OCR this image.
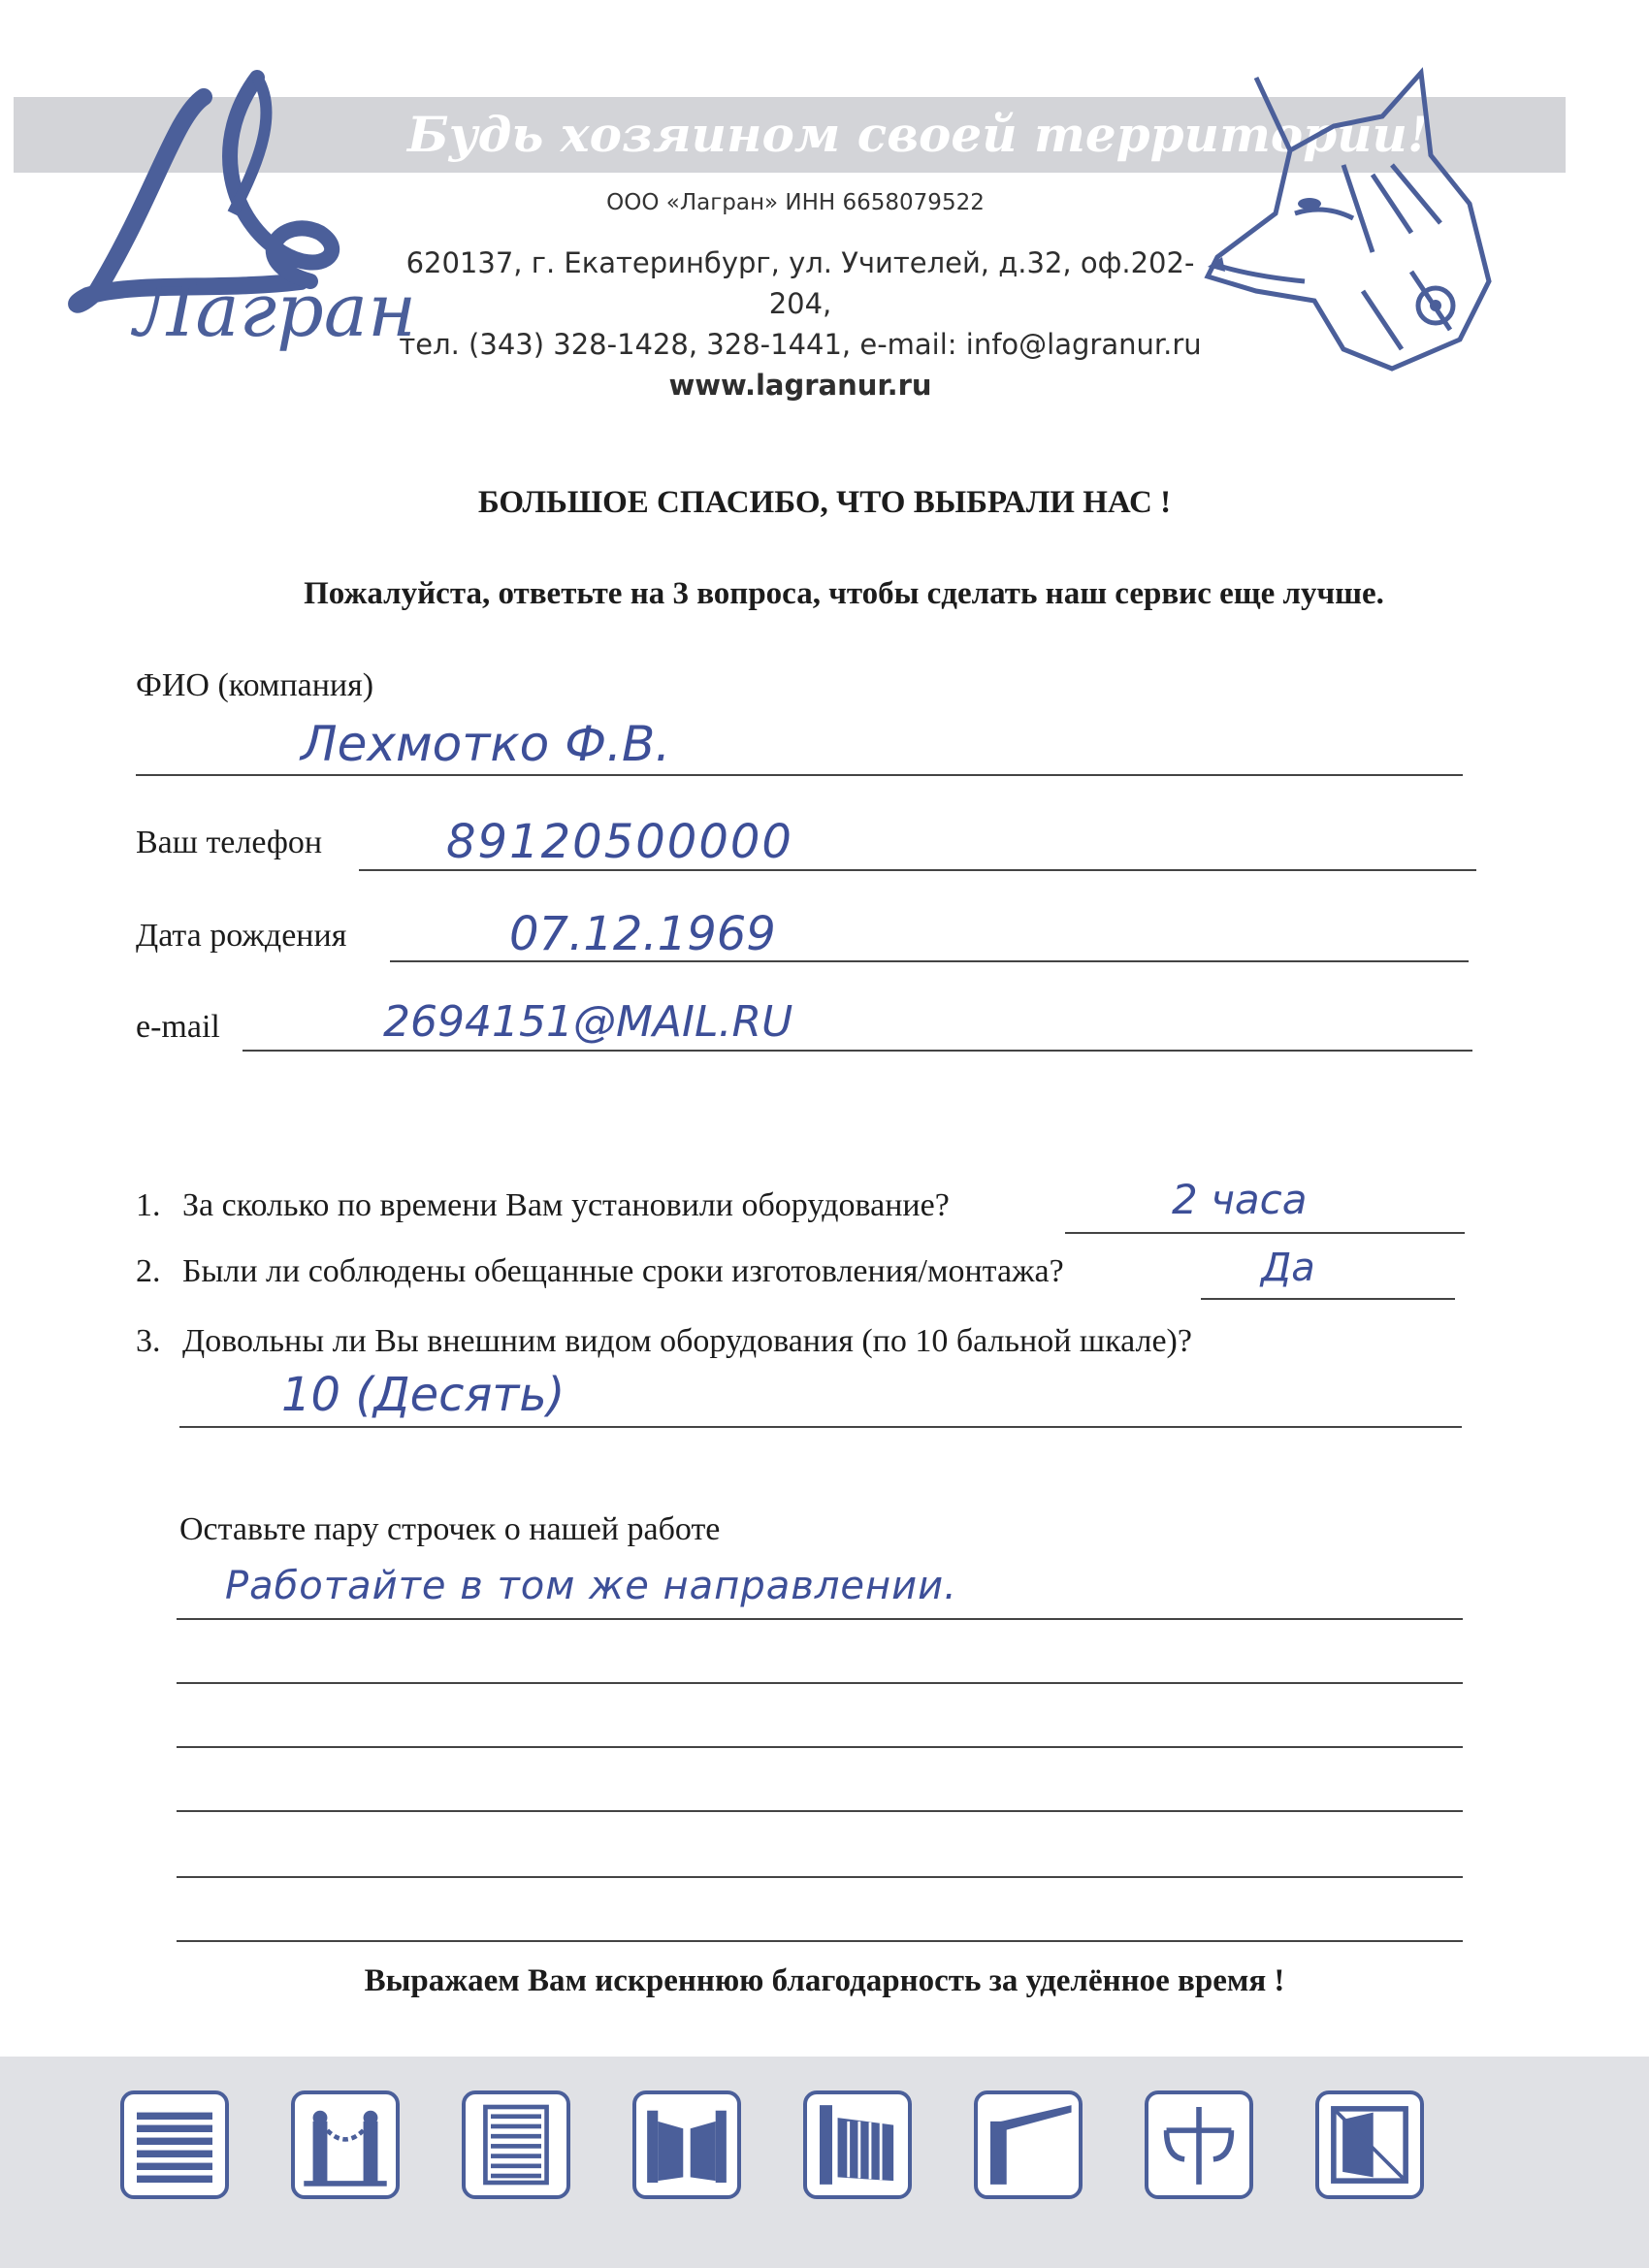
Лагран
Будь хозяином своей территории!
ООО «Лагран» ИНН 6658079522
620137, г. Екатеринбург, ул. Учителей, д.32, оф.202-204,
тел. (343) 328-1428, 328-1441, e-mail: info@lagranur.ru
www.lagranur.ru
БОЛЬШОЕ СПАСИБО, ЧТО ВЫБРАЛИ НАС !
Пожалуйста, ответьте на 3 вопроса, чтобы сделать наш сервис еще лучше.
ФИО (компания)
Лехмотко Ф.В.
Ваш телефон	89120500000
Дата рождения	07.12.1969
e-mail	2694151@MAIL.RU
1. За сколько по времени Вам установили оборудование?	2 часа
2. Были ли соблюдены обещанные сроки изготовления/монтажа?	Да
3. Довольны ли Вы внешним видом оборудования (по 10 бальной шкале)?
10 (Десять)
Оставьте пару строчек о нашей работе
Работайте в том же направлении.
Выражаем Вам искреннюю благодарность за уделённое время !
